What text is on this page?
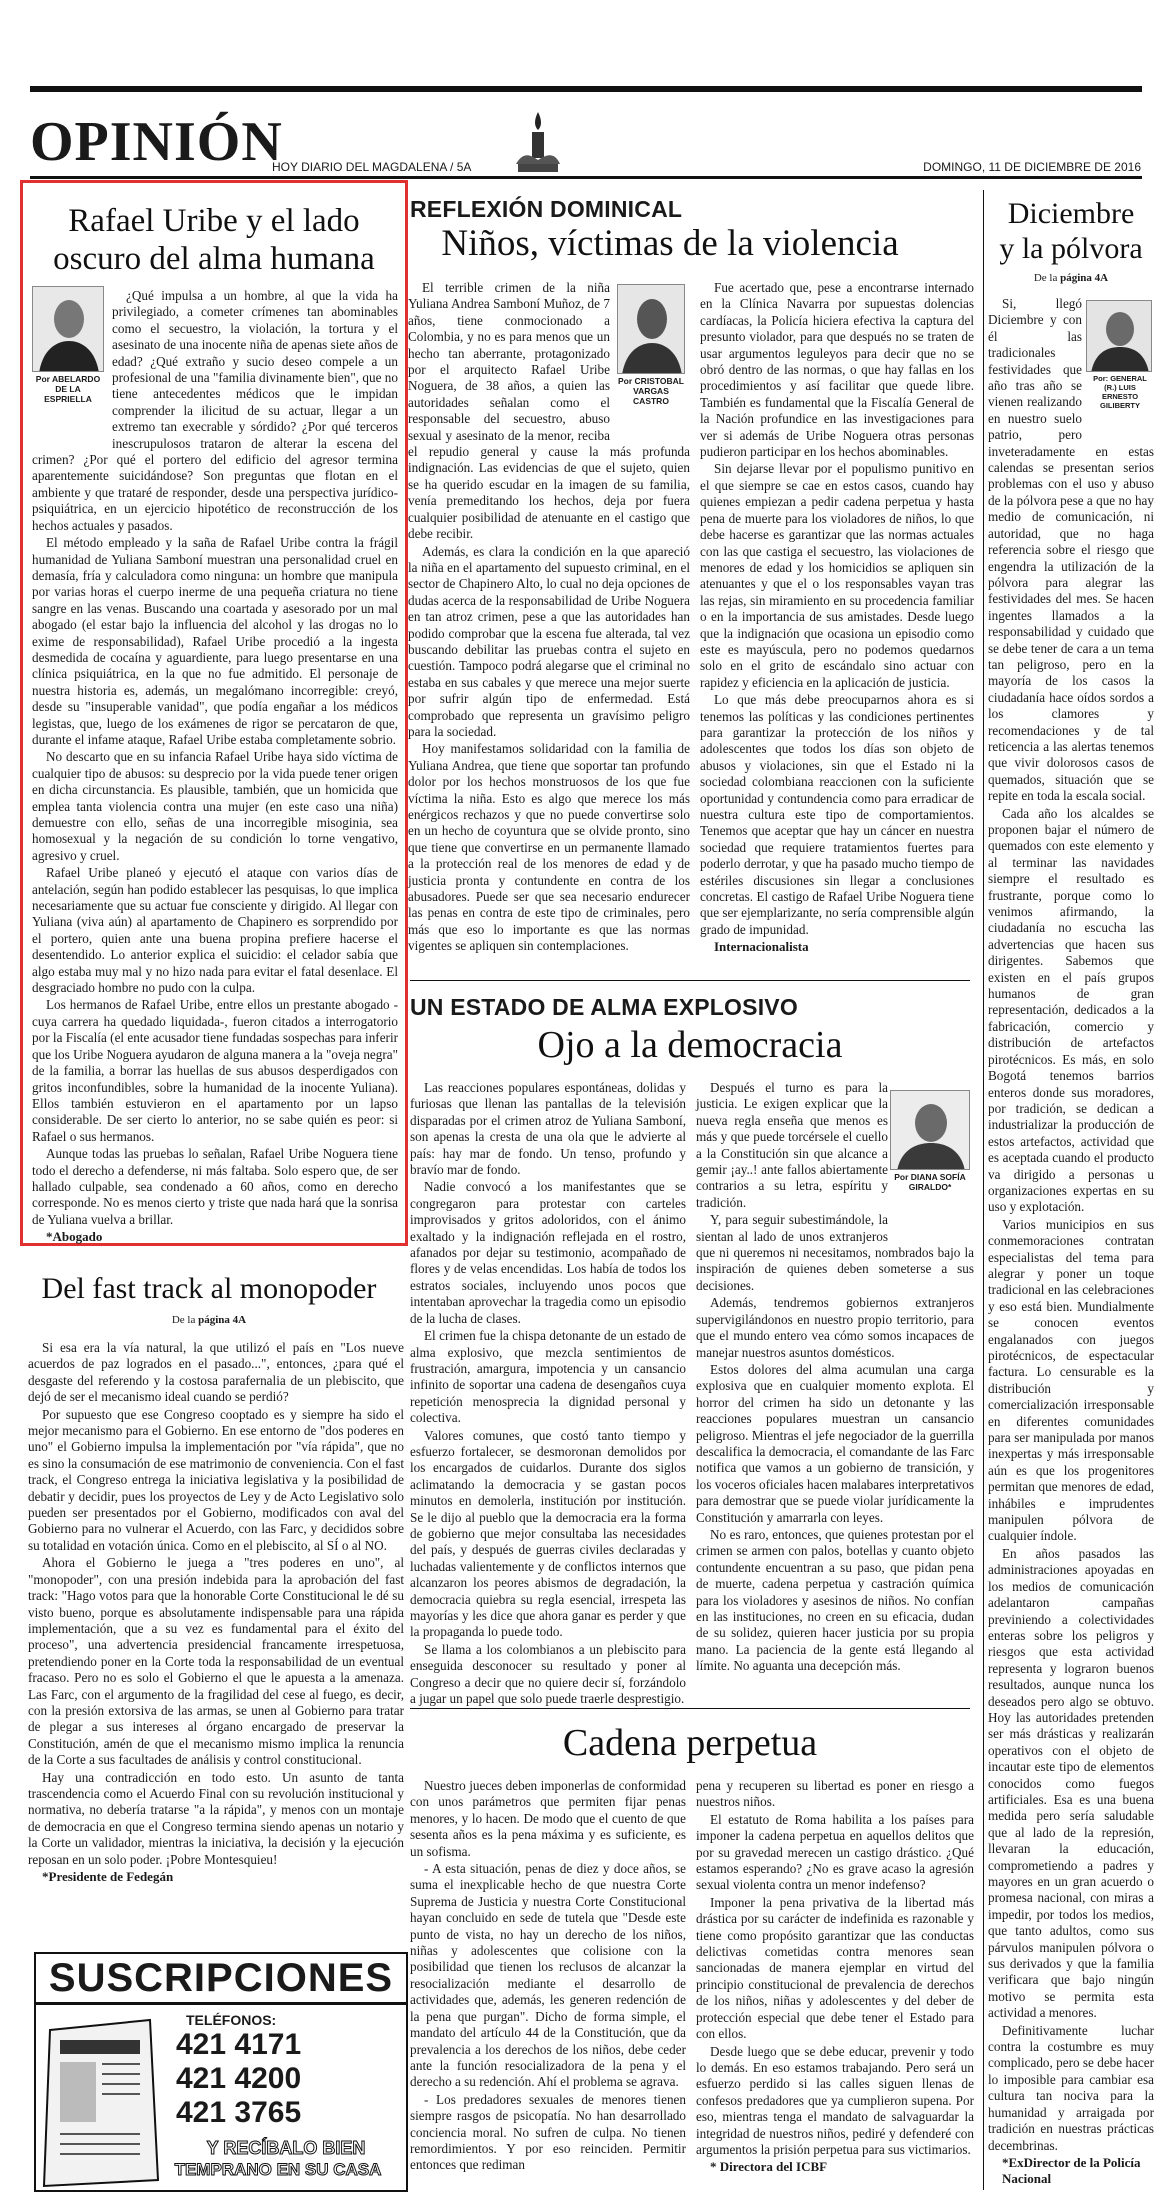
OPINIÓN
HOY DIARIO DEL MAGDALENA / 5A	DOMINGO, 11 DE DICIEMBRE DE 2016
Rafael Uribe y el lado
oscuro del alma humana
Por ABELARDO DE LA ESPRIELLA

¿Qué impulsa a un hombre, al que la vida ha privilegiado, a cometer crímenes tan abominables como el secuestro, la violación, la tortura y el asesinato de una inocente niña de apenas siete años de edad? ¿Qué extraño y sucio deseo compele a un profesional de una "familia divinamente bien", que no tiene antecedentes médicos que le impidan comprender la ilicitud de su actuar, llegar a un extremo tan execrable y sórdido? ¿Por qué terceros inescrupulosos trataron de alterar la escena del crimen? ¿Por qué el portero del edificio del agresor termina aparentemente suicidándose? Son preguntas que flotan en el ambiente y que trataré de responder, desde una perspectiva jurídico-psiquiátrica, en un ejercicio hipotético de reconstrucción de los hechos actuales y pasados.

El método empleado y la saña de Rafael Uribe contra la frágil humanidad de Yuliana Samboní muestran una personalidad cruel en demasía, fría y calculadora como ninguna: un hombre que manipula por varias horas el cuerpo inerme de una pequeña criatura no tiene sangre en las venas. Buscando una coartada y asesorado por un mal abogado (el estar bajo la influencia del alcohol y las drogas no lo exime de responsabilidad), Rafael Uribe procedió a la ingesta desmedida de cocaína y aguardiente, para luego presentarse en una clínica psiquiátrica, en la que no fue admitido. El personaje de nuestra historia es, además, un megalómano incorregible: creyó, desde su "insuperable vanidad", que podía engañar a los médicos legistas, que, luego de los exámenes de rigor se percataron de que, durante el infame ataque, Rafael Uribe estaba completamente sobrio.

No descarto que en su infancia Rafael Uribe haya sido víctima de cualquier tipo de abusos: su desprecio por la vida puede tener origen en dicha circunstancia. Es plausible, también, que un homicida que emplea tanta violencia contra una mujer (en este caso una niña) demuestre con ello, señas de una incorregible misoginia, sea homosexual y la negación de su condición lo torne vengativo, agresivo y cruel.

Rafael Uribe planeó y ejecutó el ataque con varios días de antelación, según han podido establecer las pesquisas, lo que implica necesariamente que su actuar fue consciente y dirigido. Al llegar con Yuliana (viva aún) al apartamento de Chapinero es sorprendido por el portero, quien ante una buena propina prefiere hacerse el desentendido. Lo anterior explica el suicidio: el celador sabía que algo estaba muy mal y no hizo nada para evitar el fatal desenlace. El desgraciado hombre no pudo con la culpa.

Los hermanos de Rafael Uribe, entre ellos un prestante abogado -cuya carrera ha quedado liquidada-, fueron citados a interrogatorio por la Fiscalía (el ente acusador tiene fundadas sospechas para inferir que los Uribe Noguera ayudaron de alguna manera a la "oveja negra" de la familia, a borrar las huellas de sus abusos desperdigados con gritos inconfundibles, sobre la humanidad de la inocente Yuliana). Ellos también estuvieron en el apartamento por un lapso considerable. De ser cierto lo anterior, no se sabe quién es peor: si Rafael o sus hermanos.

Aunque todas las pruebas lo señalan, Rafael Uribe Noguera tiene todo el derecho a defenderse, ni más faltaba. Solo espero que, de ser hallado culpable, sea condenado a 60 años, como en derecho corresponde. No es menos cierto y triste que nada hará que la sonrisa de Yuliana vuelva a brillar.

*Abogado
Del fast track al monopoder
De la página 4A

Si esa era la vía natural, la que utilizó el país en "Los nueve acuerdos de paz logrados en el pasado...", entonces, ¿para qué el desgaste del referendo y la costosa parafernalia de un plebiscito, que dejó de ser el mecanismo ideal cuando se perdió?

Por supuesto que ese Congreso cooptado es y siempre ha sido el mejor mecanismo para el Gobierno. En ese entorno de "dos poderes en uno" el Gobierno impulsa la implementación por "vía rápida", que no es sino la consumación de ese matrimonio de conveniencia. Con el fast track, el Congreso entrega la iniciativa legislativa y la posibilidad de debatir y decidir, pues los proyectos de Ley y de Acto Legislativo solo pueden ser presentados por el Gobierno, modificados con aval del Gobierno para no vulnerar el Acuerdo, con las Farc, y decididos sobre su totalidad en votación única. Como en el plebiscito, al SÍ o al NO.

Ahora el Gobierno le juega a "tres poderes en uno", al "monopoder", con una presión indebida para la aprobación del fast track: "Hago votos para que la honorable Corte Constitucional le dé su visto bueno, porque es absolutamente indispensable para una rápida implementación, que a su vez es fundamental para el éxito del proceso", una advertencia presidencial francamente irrespetuosa, pretendiendo poner en la Corte toda la responsabilidad de un eventual fracaso. Pero no es solo el Gobierno el que le apuesta a la amenaza. Las Farc, con el argumento de la fragilidad del cese al fuego, es decir, con la presión extorsiva de las armas, se unen al Gobierno para tratar de plegar a sus intereses al órgano encargado de preservar la Constitución, amén de que el mecanismo mismo implica la renuncia de la Corte a sus facultades de análisis y control constitucional.

Hay una contradicción en todo esto. Un asunto de tanta trascendencia como el Acuerdo Final con su revolución institucional y normativa, no debería tratarse "a la rápida", y menos con un montaje de democracia en que el Congreso termina siendo apenas un notario y la Corte un validador, mientras la iniciativa, la decisión y la ejecución reposan en un solo poder. ¡Pobre Montesquieu!

*Presidente de Fedegán
SUSCRIPCIONES
TELÉFONOS:
421 4171
421 4200
421 3765
Y RECÍBALO BIEN
TEMPRANO EN SU CASA
REFLEXIÓN DOMINICAL
Niños, víctimas de la violencia
Por CRISTOBAL VARGAS CASTRO

El terrible crimen de la niña Yuliana Andrea Samboní Muñoz, de 7 años, tiene conmocionado a Colombia, y no es para menos que un hecho tan aberrante, protagonizado por el arquitecto Rafael Uribe Noguera, de 38 años, a quien las autoridades señalan como el responsable del secuestro, abuso sexual y asesinato de la menor, reciba el repudio general y cause la más profunda indignación. Las evidencias de que el sujeto, quien se ha querido escudar en la imagen de su familia, venía premeditando los hechos, deja por fuera cualquier posibilidad de atenuante en el castigo que debe recibir.

Además, es clara la condición en la que apareció la niña en el apartamento del supuesto criminal, en el sector de Chapinero Alto, lo cual no deja opciones de dudas acerca de la responsabilidad de Uribe Noguera en tan atroz crimen, pese a que las autoridades han podido comprobar que la escena fue alterada, tal vez buscando debilitar las pruebas contra el sujeto en cuestión. Tampoco podrá alegarse que el criminal no estaba en sus cabales y que merece una mejor suerte por sufrir algún tipo de enfermedad. Está comprobado que representa un gravísimo peligro para la sociedad.

Hoy manifestamos solidaridad con la familia de Yuliana Andrea, que tiene que soportar tan profundo dolor por los hechos monstruosos de los que fue víctima la niña. Esto es algo que merece los más enérgicos rechazos y que no puede convertirse solo en un hecho de coyuntura que se olvide pronto, sino que tiene que convertirse en un permanente llamado a la protección real de los menores de edad y de justicia pronta y contundente en contra de los abusadores. Puede ser que sea necesario endurecer las penas en contra de este tipo de criminales, pero más que eso lo importante es que las normas vigentes se apliquen sin contemplaciones.

Fue acertado que, pese a encontrarse internado en la Clínica Navarra por supuestas dolencias cardíacas, la Policía hiciera efectiva la captura del presunto violador, para que después no se traten de usar argumentos leguleyos para decir que no se obró dentro de las normas, o que hay fallas en los procedimientos y así facilitar que quede libre. También es fundamental que la Fiscalía General de la Nación profundice en las investigaciones para ver si además de Uribe Noguera otras personas pudieron participar en los hechos abominables.

Sin dejarse llevar por el populismo punitivo en el que siempre se cae en estos casos, cuando hay quienes empiezan a pedir cadena perpetua y hasta pena de muerte para los violadores de niños, lo que debe hacerse es garantizar que las normas actuales con las que castiga el secuestro, las violaciones de menores de edad y los homicidios se apliquen sin atenuantes y que el o los responsables vayan tras las rejas, sin miramiento en su procedencia familiar o en la importancia de sus amistades. Desde luego que la indignación que ocasiona un episodio como este es mayúscula, pero no podemos quedarnos solo en el grito de escándalo sino actuar con rapidez y eficiencia en la aplicación de justicia.

Lo que más debe preocuparnos ahora es si tenemos las políticas y las condiciones pertinentes para garantizar la protección de los niños y adolescentes que todos los días son objeto de abusos y violaciones, sin que el Estado ni la sociedad colombiana reaccionen con la suficiente oportunidad y contundencia como para erradicar de nuestra cultura este tipo de comportamientos. Tenemos que aceptar que hay un cáncer en nuestra sociedad que requiere tratamientos fuertes para poderlo derrotar, y que ha pasado mucho tiempo de estériles discusiones sin llegar a conclusiones concretas. El castigo de Rafael Uribe Noguera tiene que ser ejemplarizante, no sería comprensible algún grado de impunidad.

Internacionalista
UN ESTADO DE ALMA EXPLOSIVO
Ojo a la democracia
Por DIANA SOFÍA GIRALDO*

Las reacciones populares espontáneas, dolidas y furiosas que llenan las pantallas de la televisión disparadas por el crimen atroz de Yuliana Samboní, son apenas la cresta de una ola que le advierte al país: hay mar de fondo. Un tenso, profundo y bravío mar de fondo.

Nadie convocó a los manifestantes que se congregaron para protestar con carteles improvisados y gritos adoloridos, con el ánimo exaltado y la indignación reflejada en el rostro, afanados por dejar su testimonio, acompañado de flores y de velas encendidas. Los había de todos los estratos sociales, incluyendo unos pocos que intentaban aprovechar la tragedia como un episodio de la lucha de clases.

El crimen fue la chispa detonante de un estado de alma explosivo, que mezcla sentimientos de frustración, amargura, impotencia y un cansancio infinito de soportar una cadena de desengaños cuya repetición menosprecia la dignidad personal y colectiva.

Valores comunes, que costó tanto tiempo y esfuerzo fortalecer, se desmoronan demolidos por los encargados de cuidarlos. Durante dos siglos aclimatando la democracia y se gastan pocos minutos en demolerla, institución por institución. Se le dijo al pueblo que la democracia era la forma de gobierno que mejor consultaba las necesidades del país, y después de guerras civiles declaradas y luchadas valientemente y de conflictos internos que alcanzaron los peores abismos de degradación, la democracia quiebra su regla esencial, irrespeta las mayorías y les dice que ahora ganar es perder y que la propaganda lo puede todo.

Se llama a los colombianos a un plebiscito para enseguida desconocer su resultado y poner al Congreso a decir que no quiere decir sí, forzándolo a jugar un papel que solo puede traerle desprestigio.

Después el turno es para la justicia. Le exigen explicar que la nueva regla enseña que menos es más y que puede torcérsele el cuello a la Constitución sin que alcance a gemir ¡ay..! ante fallos abiertamente contrarios a su letra, espíritu y tradición.

Y, para seguir subestimándole, la sientan al lado de unos extranjeros que ni queremos ni necesitamos, nombrados bajo la inspiración de quienes deben someterse a sus decisiones.

Además, tendremos gobiernos extranjeros supervigilándonos en nuestro propio territorio, para que el mundo entero vea cómo somos incapaces de manejar nuestros asuntos domésticos.

Estos dolores del alma acumulan una carga explosiva que en cualquier momento explota. El horror del crimen ha sido un detonante y las reacciones populares muestran un cansancio peligroso. Mientras el jefe negociador de la guerrilla descalifica la democracia, el comandante de las Farc notifica que vamos a un gobierno de transición, y los voceros oficiales hacen malabares interpretativos para demostrar que se puede violar jurídicamente la Constitución y amarrarla con leyes.

No es raro, entonces, que quienes protestan por el crimen se armen con palos, botellas y cuanto objeto contundente encuentran a su paso, que pidan pena de muerte, cadena perpetua y castración química para los violadores y asesinos de niños. No confían en las instituciones, no creen en su eficacia, dudan de su solidez, quieren hacer justicia por su propia mano. La paciencia de la gente está llegando al límite. No aguanta una decepción más.

Cadena perpetua

Nuestro jueces deben imponerlas de conformidad con unos parámetros que permiten fijar penas menores, y lo hacen. De modo que el cuento de que sesenta años es la pena máxima y es suficiente, es un sofisma.

- A esta situación, penas de diez y doce años, se suma el inexplicable hecho de que nuestra Corte Suprema de Justicia y nuestra Corte Constitucional hayan concluido en sede de tutela que "Desde este punto de vista, no hay un derecho de los niños, niñas y adolescentes que colisione con la posibilidad que tienen los reclusos de alcanzar la resocialización mediante el desarrollo de actividades que, además, les generen redención de la pena que purgan". Dicho de forma simple, el mandato del artículo 44 de la Constitución, que da prevalencia a los derechos de los niños, debe ceder ante la función resocializadora de la pena y el derecho a su redención. Ahí el problema se agrava.

- Los predadores sexuales de menores tienen siempre rasgos de psicopatía. No han desarrollado conciencia moral. No sufren de culpa. No tienen remordimientos. Y por eso reinciden. Permitir entonces que rediman

pena y recuperen su libertad es poner en riesgo a nuestros niños.

El estatuto de Roma habilita a los países para imponer la cadena perpetua en aquellos delitos que por su gravedad merecen un castigo drástico. ¿Qué estamos esperando? ¿No es grave acaso la agresión sexual violenta contra un menor indefenso?

Imponer la pena privativa de la libertad más drástica por su carácter de indefinida es razonable y tiene como propósito garantizar que las conductas delictivas cometidas contra menores sean sancionadas de manera ejemplar en virtud del principio constitucional de prevalencia de derechos de los niños, niñas y adolescentes y del deber de protección especial que debe tener el Estado para con ellos.

Desde luego que se debe educar, prevenir y todo lo demás. En eso estamos trabajando. Pero será un esfuerzo perdido si las calles siguen llenas de confesos predadores que ya cumplieron supena. Por eso, mientras tenga el mandato de salvaguardar la integridad de nuestros niños, pediré y defenderé con argumentos la prisión perpetua para sus victimarios.

* Directora del ICBF
Diciembre
y la pólvora
De la página 4A
Por: GENERAL (R.) LUIS ERNESTO GILIBERTY

Si, llegó Diciembre y con él las tradicionales festividades que año tras año se vienen realizando en nuestro suelo patrio, pero inveteradamente en estas calendas se presentan serios problemas con el uso y abuso de la pólvora pese a que no hay medio de comunicación, ni autoridad, que no haga referencia sobre el riesgo que engendra la utilización de la pólvora para alegrar las festividades del mes. Se hacen ingentes llamados a la responsabilidad y cuidado que se debe tener de cara a un tema tan peligroso, pero en la mayoría de los casos la ciudadanía hace oídos sordos a los clamores y recomendaciones y de tal reticencia a las alertas tenemos que vivir dolorosos casos de quemados, situación que se repite en toda la escala social.

Cada año los alcaldes se proponen bajar el número de quemados con este elemento y al terminar las navidades siempre el resultado es frustrante, porque como lo venimos afirmando, la ciudadanía no escucha las advertencias que hacen sus dirigentes. Sabemos que existen en el país grupos humanos de gran representación, dedicados a la fabricación, comercio y distribución de artefactos pirotécnicos. Es más, en solo Bogotá tenemos barrios enteros donde sus moradores, por tradición, se dedican a industrializar la producción de estos artefactos, actividad que es aceptada cuando el producto va dirigido a personas u organizaciones expertas en su uso y explotación.

Varios municipios en sus conmemoraciones contratan especialistas del tema para alegrar y poner un toque tradicional en las celebraciones y eso está bien. Mundialmente se conocen eventos engalanados con juegos pirotécnicos, de espectacular factura. Lo censurable es la distribución y comercialización irresponsable en diferentes comunidades para ser manipulada por manos inexpertas y más irresponsable aún es que los progenitores permitan que menores de edad, inhábiles e imprudentes manipulen pólvora de cualquier índole.

En años pasados las administraciones apoyadas en los medios de comunicación adelantaron campañas previniendo a colectividades enteras sobre los peligros y riesgos que esta actividad representa y lograron buenos resultados, aunque nunca los deseados pero algo se obtuvo. Hoy las autoridades pretenden ser más drásticas y realizarán operativos con el objeto de incautar este tipo de elementos conocidos como fuegos artificiales. Esa es una buena medida pero sería saludable que al lado de la represión, llevaran la educación, comprometiendo a padres y mayores en un gran acuerdo o promesa nacional, con miras a impedir, por todos los medios, que tanto adultos, como sus párvulos manipulen pólvora o sus derivados y que la familia verificara que bajo ningún motivo se permita esta actividad a menores.

Definitivamente luchar contra la costumbre es muy complicado, pero se debe hacer lo imposible para cambiar esa cultura tan nociva para la humanidad y arraigada por tradición en nuestras prácticas decembrinas.

*ExDirector de la Policía Nacional
